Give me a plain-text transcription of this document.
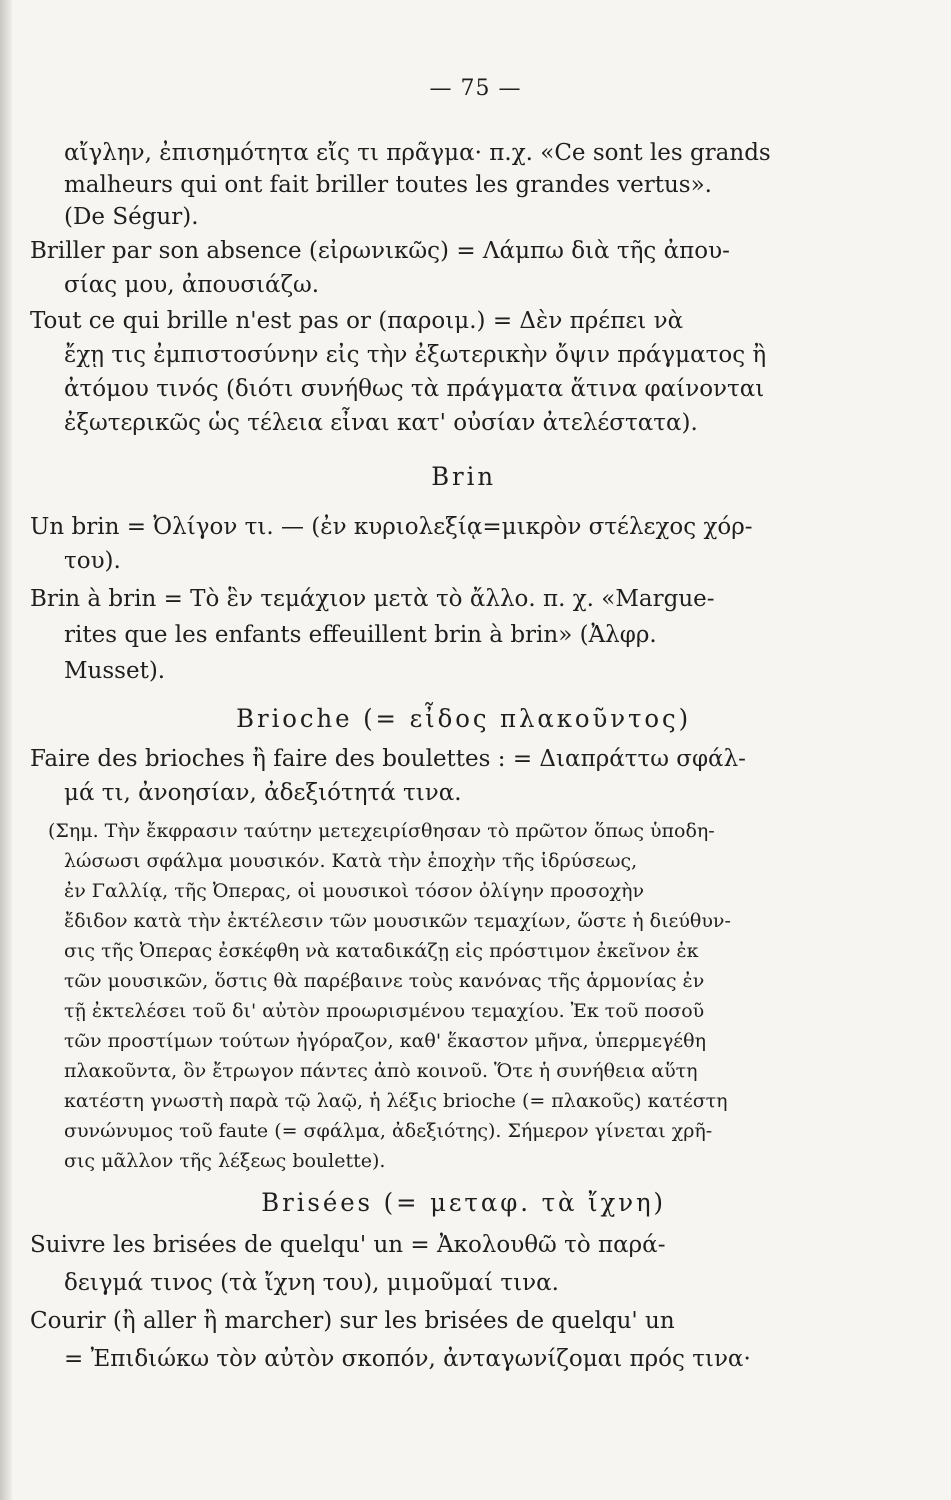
— 75 —
αἴγλην, ἐπισημότητα εἴς τι πρᾶγμα· π.χ. «Ce sont les grands
malheurs qui ont fait briller toutes les grandes vertus».
(De Ségur).
Briller par son absence (εἰρωνικῶς) = Λάμπω διὰ τῆς ἀπου-
σίας μου, ἀπουσιάζω.
Tout ce qui brille n'est pas or (παροιμ.) = Δὲν πρέπει νὰ
ἔχῃ τις ἐμπιστοσύνην εἰς τὴν ἐξωτερικὴν ὄψιν πράγματος ἢ
ἀτόμου τινός (διότι συνήθως τὰ πράγματα ἅτινα φαίνονται
ἐξωτερικῶς ὡς τέλεια εἶναι κατ' οὐσίαν ἀτελέστατα).
Brin
Un brin = Ὀλίγον τι. — (ἐν κυριολεξίᾳ=μικρὸν στέλεχος χόρ-
του).
Brin à brin = Τὸ ἓν τεμάχιον μετὰ τὸ ἄλλο. π. χ. «Margue-
rites que les enfants effeuillent brin à brin» (Ἀλφρ.
Musset).
Brioche (= εἶδος πλακοῦντος)
Faire des brioches ἢ faire des boulettes : = Διαπράττω σφάλ-
μά τι, ἀνοησίαν, ἀδεξιότητά τινα.
(Σημ. Τὴν ἔκφρασιν ταύτην μετεχειρίσθησαν τὸ πρῶτον ὅπως ὑποδη-
λώσωσι σφάλμα μουσικόν. Κατὰ τὴν ἐποχὴν τῆς ἱδρύσεως,
ἐν Γαλλίᾳ, τῆς Ὀπερας, οἱ μουσικοὶ τόσον ὀλίγην προσοχὴν
ἔδιδον κατὰ τὴν ἐκτέλεσιν τῶν μουσικῶν τεμαχίων, ὥστε ἡ διεύθυν-
σις τῆς Ὀπερας ἐσκέφθη νὰ καταδικάζῃ εἰς πρόστιμον ἐκεῖνον ἐκ
τῶν μουσικῶν, ὅστις θὰ παρέβαινε τοὺς κανόνας τῆς ἁρμονίας ἐν
τῇ ἐκτελέσει τοῦ δι' αὐτὸν προωρισμένου τεμαχίου. Ἐκ τοῦ ποσοῦ
τῶν προστίμων τούτων ἠγόραζον, καθ' ἕκαστον μῆνα, ὑπερμεγέθη
πλακοῦντα, ὃν ἔτρωγον πάντες ἀπὸ κοινοῦ. Ὅτε ἡ συνήθεια αὕτη
κατέστη γνωστὴ παρὰ τῷ λαῷ, ἡ λέξις brioche (= πλακοῦς) κατέστη
συνώνυμος τοῦ faute (= σφάλμα, ἀδεξιότης). Σήμερον γίνεται χρῆ-
σις μᾶλλον τῆς λέξεως boulette).
Brisées (= μεταφ. τὰ ἴχνη)
Suivre les brisées de quelqu' un = Ἀκολουθῶ τὸ παρά-
δειγμά τινος (τὰ ἴχνη του), μιμοῦμαί τινα.
Courir (ἢ aller ἢ marcher) sur les brisées de quelqu' un
= Ἐπιδιώκω τὸν αὐτὸν σκοπόν, ἀνταγωνίζομαι πρός τινα·
